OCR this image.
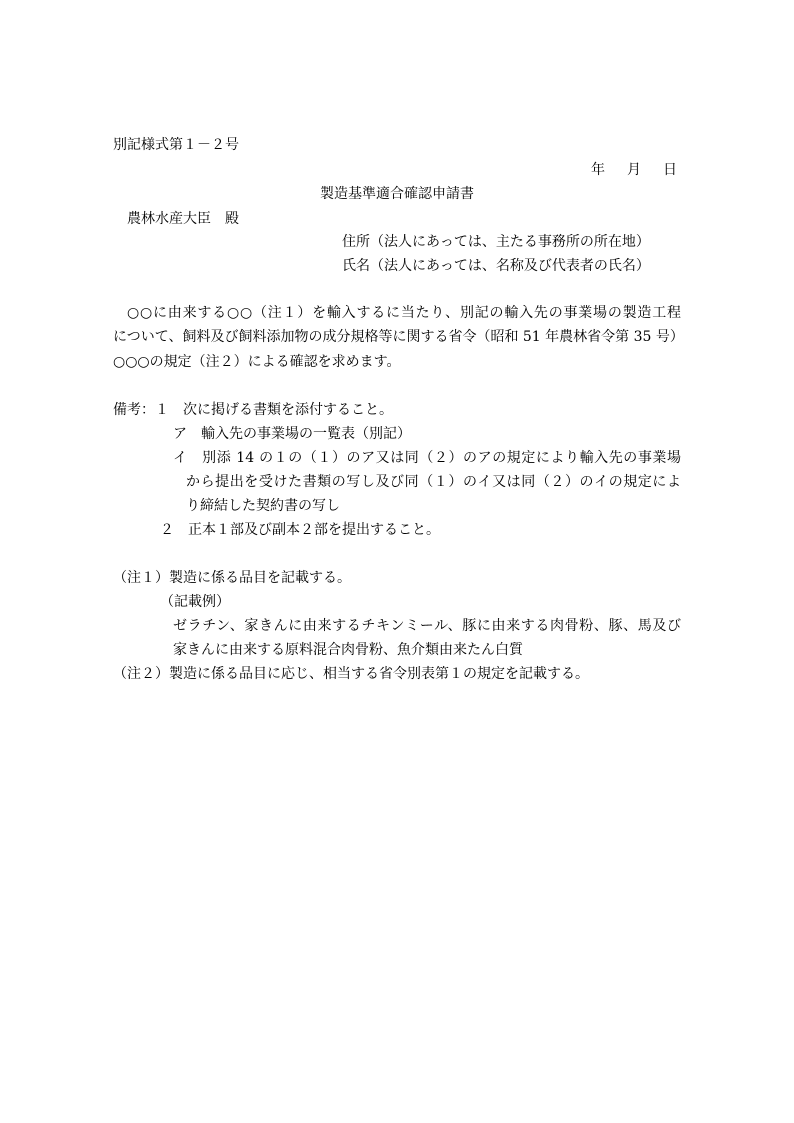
別記様式第１－２号
年　月　日
製造基準適合確認申請書
農林水産大臣　殿
住所（法人にあっては、主たる事務所の所在地）
氏名（法人にあっては、名称及び代表者の氏名）
○○に由来する○○（注１）を輸入するに当たり、別記の輸入先の事業場の製造工程
について、飼料及び飼料添加物の成分規格等に関する省令（昭和 51 年農林省令第 35 号）
○○○の規定（注２）による確認を求めます。
備考：１　次に掲げる書類を添付すること。
ア　輸入先の事業場の一覧表（別記）
イ　別添 14 の１の（１）のア又は同（２）のアの規定により輸入先の事業場
から提出を受けた書類の写し及び同（１）のイ又は同（２）のイの規定によ
り締結した契約書の写し
２　正本１部及び副本２部を提出すること。
（注１）製造に係る品目を記載する。
（記載例）
ゼラチン、家きんに由来するチキンミール、豚に由来する肉骨粉、豚、馬及び
家きんに由来する原料混合肉骨粉、魚介類由来たん白質
（注２）製造に係る品目に応じ、相当する省令別表第１の規定を記載する。
